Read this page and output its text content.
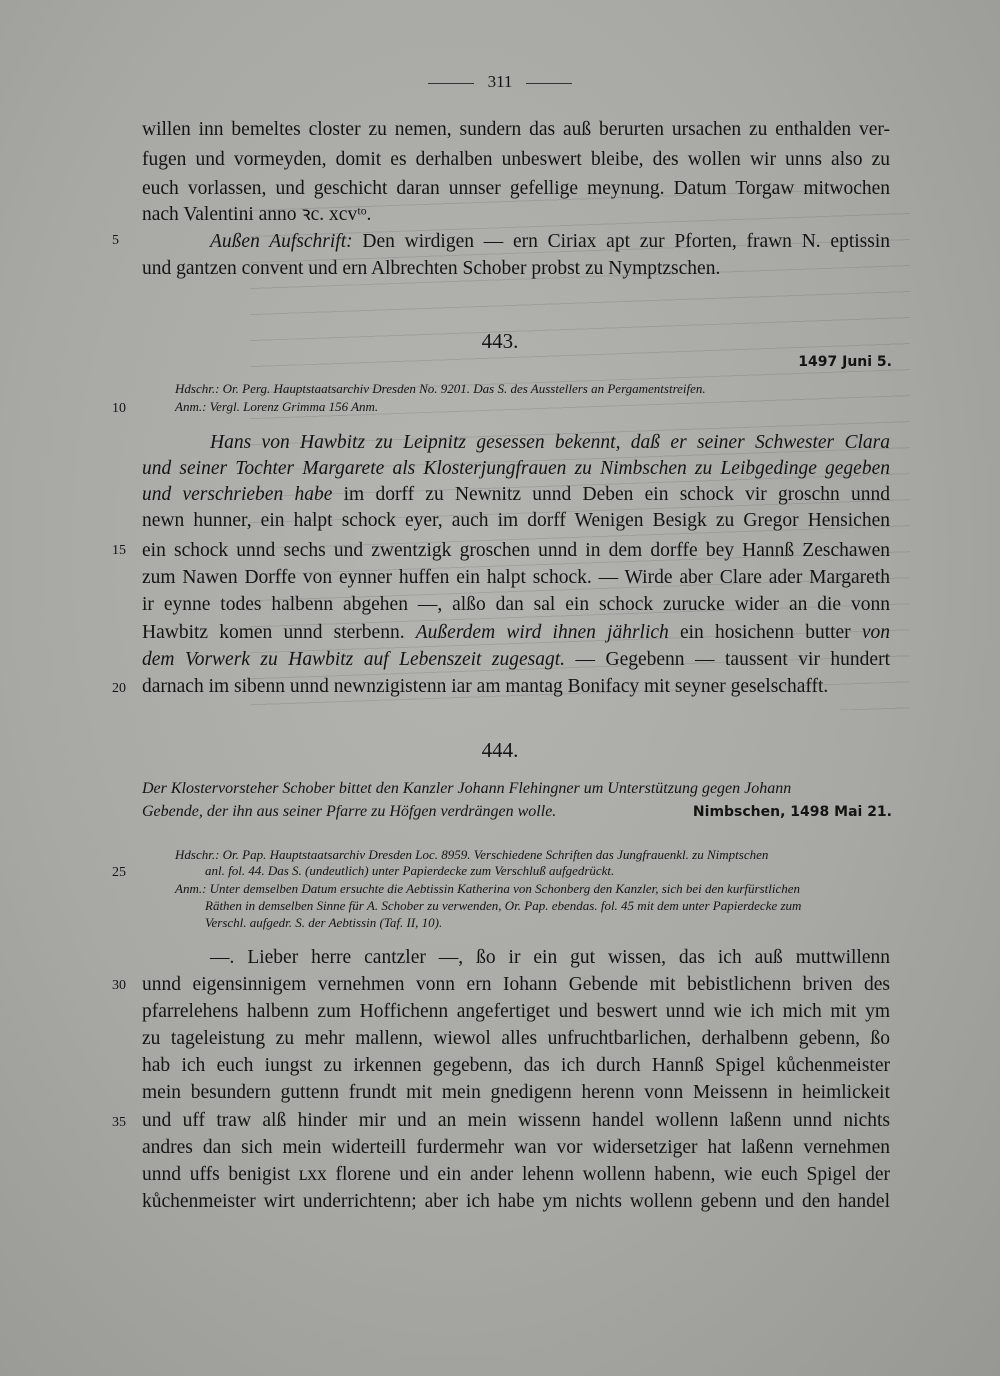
311
willen inn bemeltes closter zu nemen, sundern das auß berurten ursachen zu enthalden ver-
fugen und vormeyden, domit es derhalben unbeswert bleibe, des wollen wir unns also zu
euch vorlassen, und geschicht daran unnser gefellige meynung. Datum Torgaw mitwochen
nach Valentini anno ꝛc. xcvᵗᵒ.
5	Außen Aufschrift: Den wirdigen — ern Ciriax apt zur Pforten, frawn N. eptissin
und gantzen convent und ern Albrechten Schober probst zu Nymptzschen.
443.
1497 Juni 5.
Hdschr.: Or. Perg. Hauptstaatsarchiv Dresden No. 9201. Das S. des Ausstellers an Pergamentstreifen.
10	Anm.: Vergl. Lorenz Grimma 156 Anm.
Hans von Hawbitz zu Leipnitz gesessen bekennt, daß er seiner Schwester Clara
und seiner Tochter Margarete als Klosterjungfrauen zu Nimbschen zu Leibgedinge gegeben
und verschrieben habe im dorff zu Newnitz unnd Deben ein schock vir groschn unnd
newn hunner, ein halpt schock eyer, auch im dorff Wenigen Besigk zu Gregor Hensichen
15 ein schock unnd sechs und zwentzigk groschen unnd in dem dorffe bey Hannß Zeschawen
zum Nawen Dorffe von eynner huffen ein halpt schock. — Wirde aber Clare ader Margareth
ir eynne todes halbenn abgehen —, alßo dan sal ein schock zurucke wider an die vonn
Hawbitz komen unnd sterbenn. Außerdem wird ihnen jährlich ein hosichenn butter von
dem Vorwerk zu Hawbitz auf Lebenszeit zugesagt. — Gegebenn — taussent vir hundert
20 darnach im sibenn unnd newnzigistenn iar am mantag Bonifacy mit seyner geselschafft.
444.
Der Klostervorsteher Schober bittet den Kanzler Johann Flehingner um Unterstützung gegen Johann
Gebende, der ihn aus seiner Pfarre zu Höfgen verdrängen wolle.	Nimbschen, 1498 Mai 21.
Hdschr.: Or. Pap. Hauptstaatsarchiv Dresden Loc. 8959. Verschiedene Schriften das Jungfrauenkl. zu Nimptschen
25	anl. fol. 44. Das S. (undeutlich) unter Papierdecke zum Verschluß aufgedrückt.
Anm.: Unter demselben Datum ersuchte die Aebtissin Katherina von Schonberg den Kanzler, sich bei den kurfürstlichen
Räthen in demselben Sinne für A. Schober zu verwenden, Or. Pap. ebendas. fol. 45 mit dem unter Papierdecke zum
Verschl. aufgedr. S. der Aebtissin (Taf. II, 10).
—. Lieber herre cantzler —, ßo ir ein gut wissen, das ich auß muttwillenn
30 unnd eigensinnigem vernehmen vonn ern Iohann Gebende mit bebistlichenn briven des
pfarrelehens halbenn zum Hoffichenn angefertiget und beswert unnd wie ich mich mit ym
zu tageleistung zu mehr mallenn, wiewol alles unfruchtbarlichen, derhalbenn gebenn, ßo
hab ich euch iungst zu irkennen gegebenn, das ich durch Hannß Spigel kůchenmeister
mein besundern guttenn frundt mit mein gnedigenn herenn vonn Meissenn in heimlickeit
35 und uff traw alß hinder mir und an mein wissenn handel wollenn laßenn unnd nichts
andres dan sich mein widerteill furdermehr wan vor widersetziger hat laßenn vernehmen
unnd uffs benigist ʟxx florene und ein ander lehenn wollenn habenn, wie euch Spigel der
kůchenmeister wirt underrichtenn; aber ich habe ym nichts wollenn gebenn und den handel
